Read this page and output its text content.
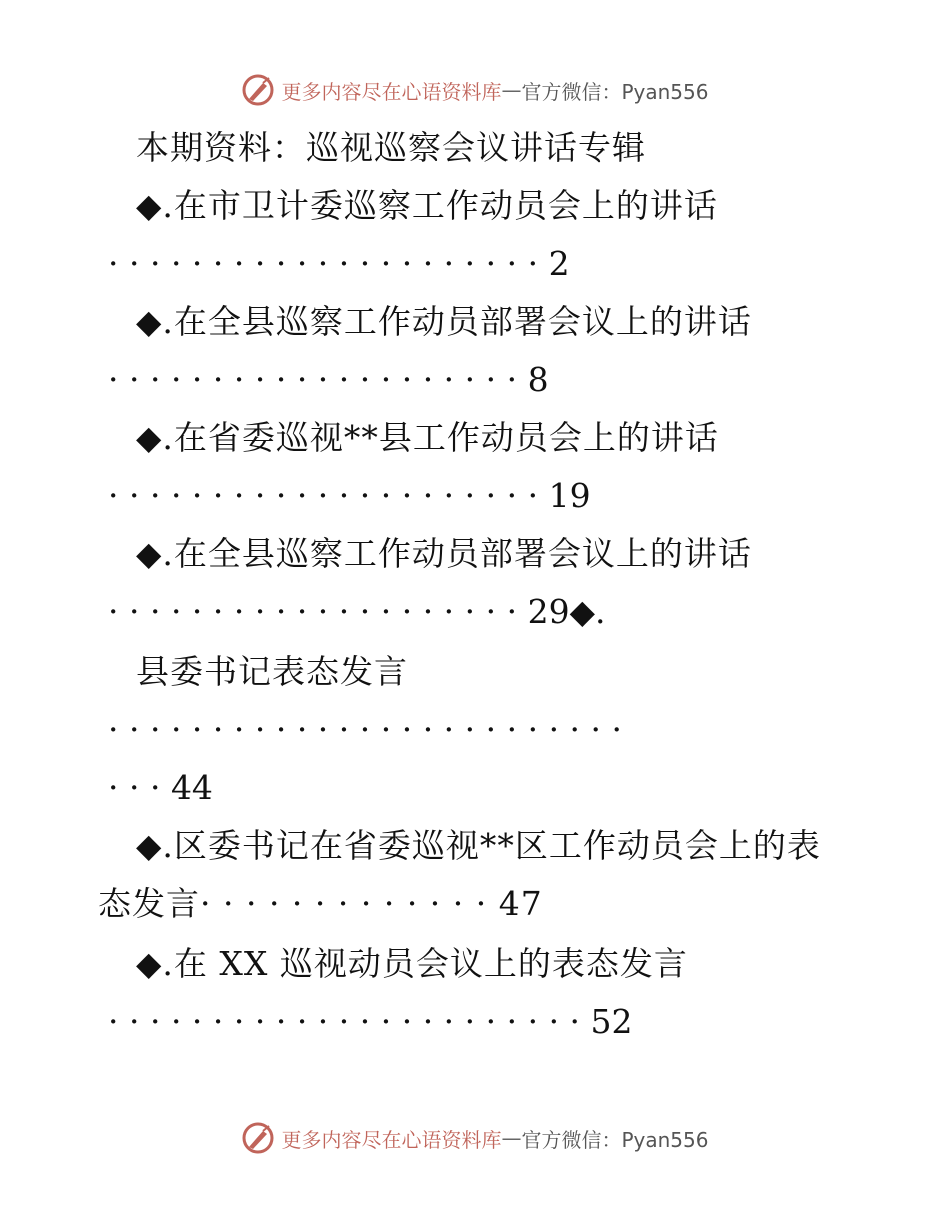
更多内容尽在心语资料库 — 官方微信：Pyan556
本期资料：巡视巡察会议讲话专辑
◆.在市卫计委巡察工作动员会上的讲话
· · · · · · · · · · · · · · · · · · · · · 2
◆.在全县巡察工作动员部署会议上的讲话
· · · · · · · · · · · · · · · · · · · · 8
◆.在省委巡视**县工作动员会上的讲话
· · · · · · · · · · · · · · · · · · · · · 19
◆.在全县巡察工作动员部署会议上的讲话
· · · · · · · · · · · · · · · · · · · · 29◆.
县委书记表态发言
· · · · · · · · · · · · · · · · · · · · · · · · ·
· · · 44
◆.区委书记在省委巡视**区工作动员会上的表
态发言· · · · · · · · · · · · · 47
◆.在 XX 巡视动员会议上的表态发言
· · · · · · · · · · · · · · · · · · · · · · · 52
更多内容尽在心语资料库 — 官方微信：Pyan556
